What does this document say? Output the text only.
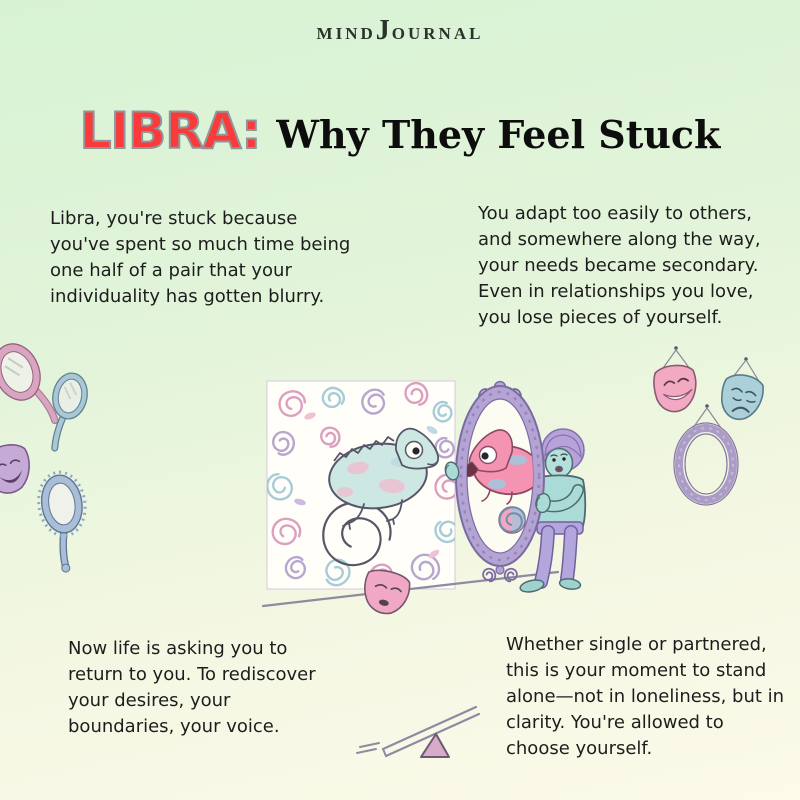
MINDJOURNAL
LIBRA: Why They Feel Stuck
Libra, you're stuck because
you've spent so much time being
one half of a pair that your
individuality has gotten blurry.
You adapt too easily to others,
and somewhere along the way,
your needs became secondary.
Even in relationships you love,
you lose pieces of yourself.
Now life is asking you to
return to you. To rediscover
your desires, your
boundaries, your voice.
Whether single or partnered,
this is your moment to stand
alone—not in loneliness, but in
clarity. You're allowed to
choose yourself.
